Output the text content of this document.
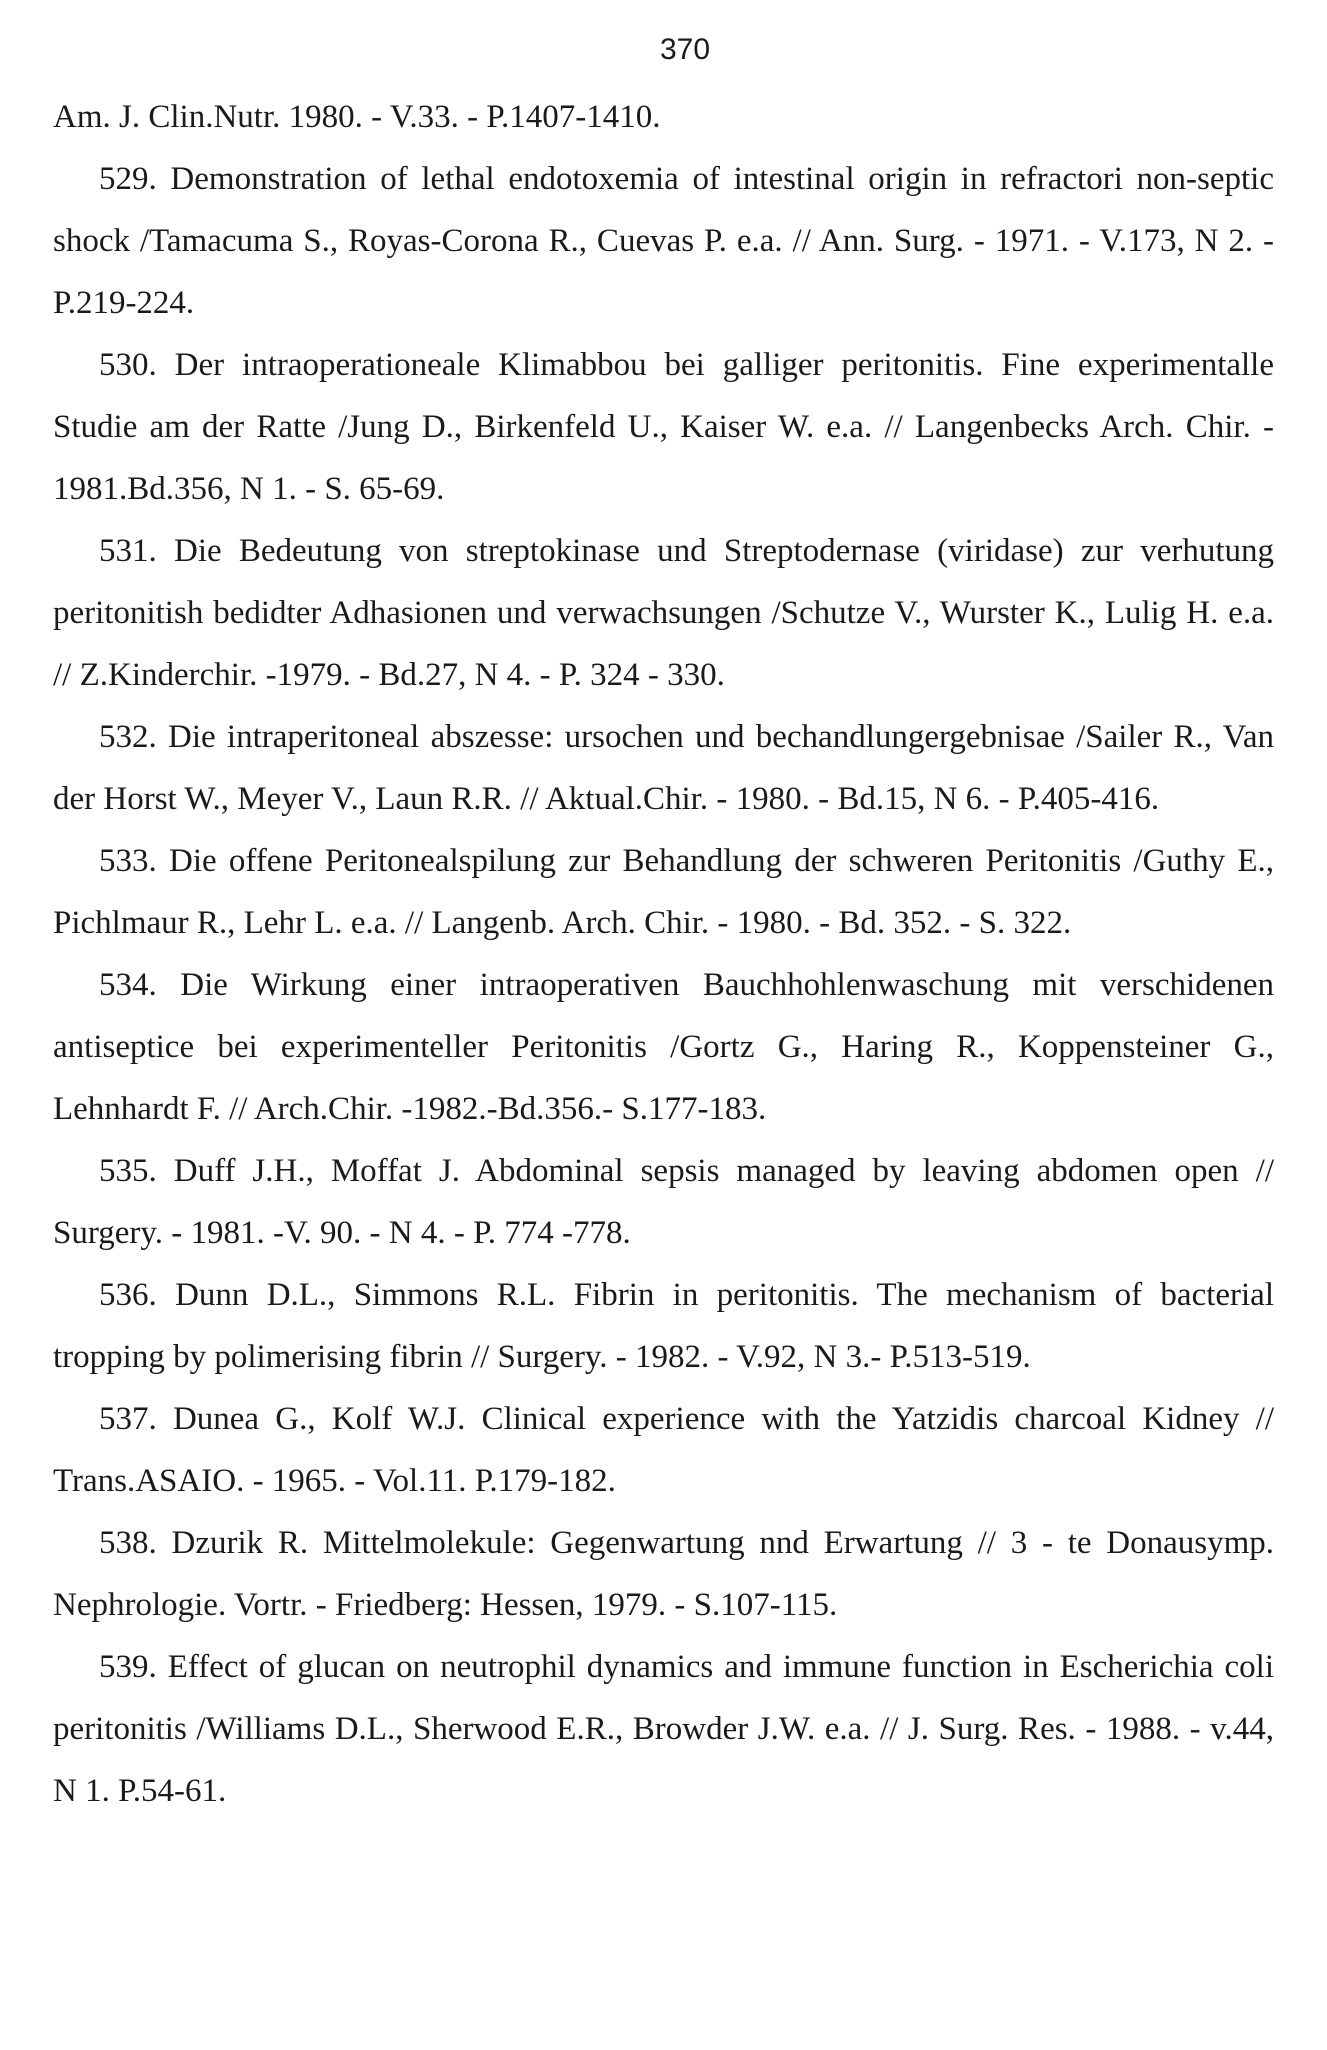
370

Am. J. Clin.Nutr. 1980. - V.33. - P.1407-1410.

529. Demonstration of lethal endotoxemia of intestinal origin in refractori non-septic shock /Tamacuma S., Royas-Corona R., Cuevas P. e.a. // Ann. Surg. - 1971. - V.173, N 2. - P.219-224.

530. Der intraoperationeale Klimabbou bei galliger peritonitis. Fine experimentalle Studie am der Ratte /Jung D., Birkenfeld U., Kaiser W. e.a. // Langenbecks Arch. Chir. - 1981.Bd.356, N 1. - S. 65-69.

531. Die Bedeutung von streptokinase und Streptodernase (viridase) zur verhutung peritonitish bedidter Adhasionen und verwachsungen /Schutze V., Wurster K., Lulig H. e.a. // Z.Kinderchir. -1979. - Bd.27, N 4. - P. 324 - 330.

532. Die intraperitoneal abszesse: ursochen und bechandlungergebnisae /Sailer R., Van der Horst W., Meyer V., Laun R.R. // Aktual.Chir. - 1980. - Bd.15, N 6. - P.405-416.

533. Die offene Peritonealspilung zur Behandlung der schweren Peritonitis /Guthy E., Pichlmaur R., Lehr L. e.a. // Langenb. Arch. Chir. - 1980. - Bd. 352. - S. 322.

534. Die Wirkung einer intraoperativen Bauchhohlenwaschung mit verschidenen antiseptice bei experimenteller Peritonitis /Gortz G., Haring R., Koppensteiner G., Lehnhardt F. // Arch.Chir. -1982.-Bd.356.- S.177-183.

535. Duff J.H., Moffat J. Abdominal sepsis managed by leaving abdomen open // Surgery. - 1981. -V. 90. - N 4. - P. 774 -778.

536. Dunn D.L., Simmons R.L. Fibrin in peritonitis. The mechanism of bacterial tropping by polimerising fibrin // Surgery. - 1982. - V.92, N 3.- P.513-519.

537. Dunea G., Kolf W.J. Clinical experience with the Yatzidis charcoal Kidney // Trans.ASAIO. - 1965. - Vol.11. P.179-182.

538. Dzurik R. Mittelmolekule: Gegenwartung nnd Erwartung // 3 - te Donausymp. Nephrologie. Vortr. - Friedberg: Hessen, 1979. - S.107-115.

539. Effect of glucan on neutrophil dynamics and immune function in Escherichia coli peritonitis /Williams D.L., Sherwood E.R., Browder J.W. e.a. // J. Surg. Res. - 1988. - v.44, N 1. P.54-61.
